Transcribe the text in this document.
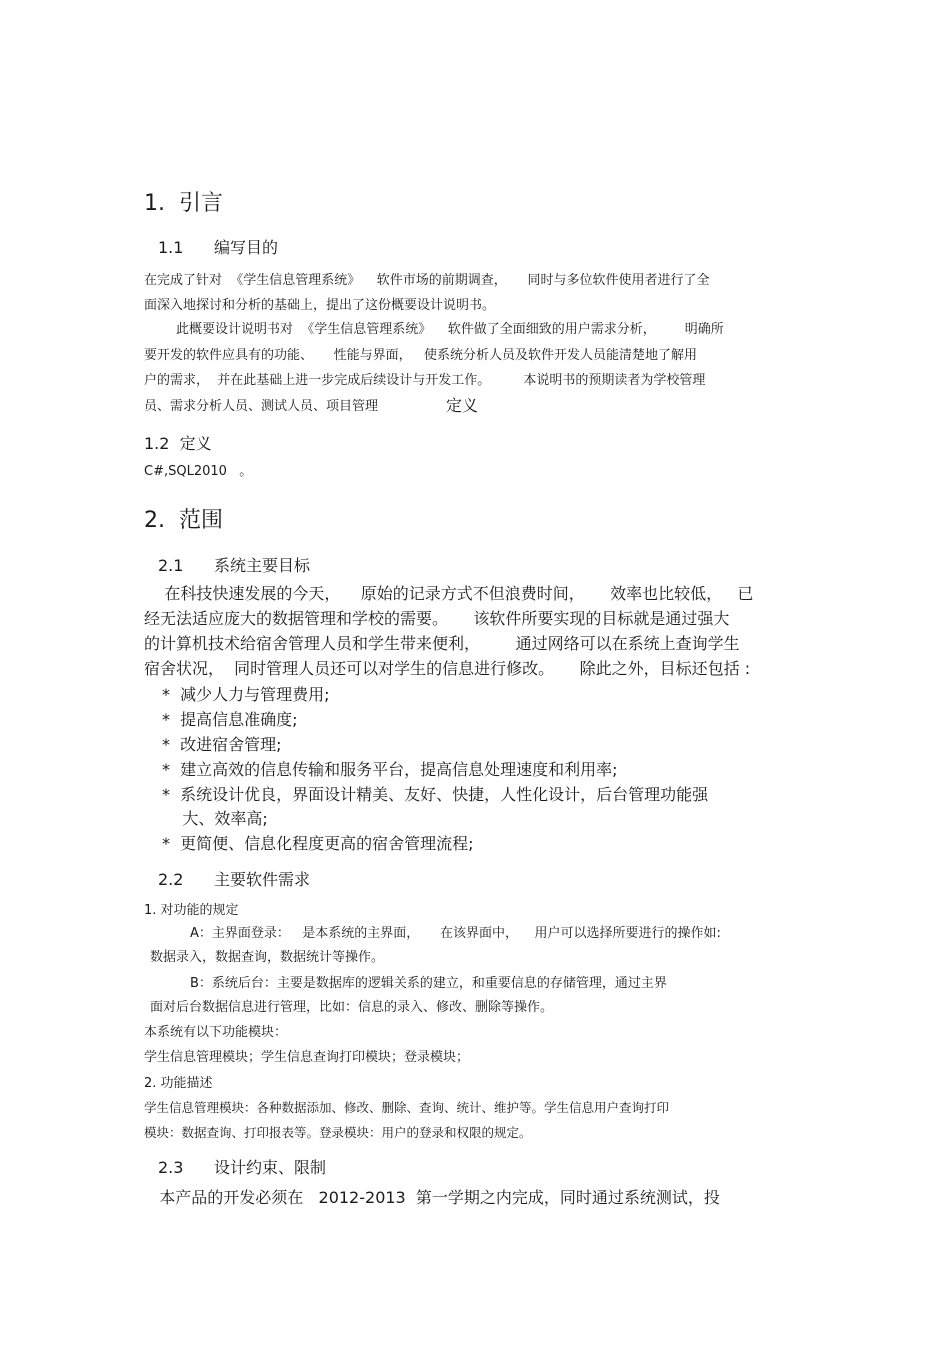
1.  引言
1.1      编写目的
在完成了针对  《学生信息管理系统》    软件市场的前期调查，     同时与多位软件使用者进行了全
面深入地探讨和分析的基础上，提出了这份概要设计说明书。
此概要设计说明书对  《学生信息管理系统》    软件做了全面细致的用户需求分析，       明确所
要开发的软件应具有的功能、     性能与界面，   使系统分析人员及软件开发人员能清楚地了解用
户的需求，  并在此基础上进一步完成后续设计与开发工作。        本说明书的预期读者为学校管理
员、需求分析人员、测试人员、项目管理	定义
1.2  定义
C#,SQL2010   。
2.  范围
2.1      系统主要目标
在科技快速发展的今天，    原始的记录方式不但浪费时间，     效率也比较低，   已
经无法适应庞大的数据管理和学校的需要。     该软件所要实现的目标就是通过强大
的计算机技术给宿舍管理人员和学生带来便利，       通过网络可以在系统上查询学生
宿舍状况，  同时管理人员还可以对学生的信息进行修改。     除此之外，目标还包括 :
*  减少人力与管理费用;
*  提高信息准确度;
*  改进宿舍管理;
*  建立高效的信息传输和服务平台，提高信息处理速度和利用率;
*  系统设计优良，界面设计精美、友好、快捷，人性化设计，后台管理功能强
大、效率高;
*  更简便、信息化程度更高的宿舍管理流程;
2.2      主要软件需求
1. 对功能的规定
A：主界面登录：   是本系统的主界面，     在该界面中，    用户可以选择所要进行的操作如:
数据录入，数据查询，数据统计等操作。
B：系统后台：主要是数据库的逻辑关系的建立，和重要信息的存储管理，通过主界
面对后台数据信息进行管理，比如：信息的录入、修改、删除等操作。
本系统有以下功能模块：
学生信息管理模块；学生信息查询打印模块；登录模块；
2. 功能描述
学生信息管理模块：各种数据添加、修改、删除、查询、统计、维护等。学生信息用户查询打印
模块：数据查询、打印报表等。登录模块：用户的登录和权限的规定。
2.3      设计约束、限制
本产品的开发必须在   2012-2013  第一学期之内完成，同时通过系统测试，投
